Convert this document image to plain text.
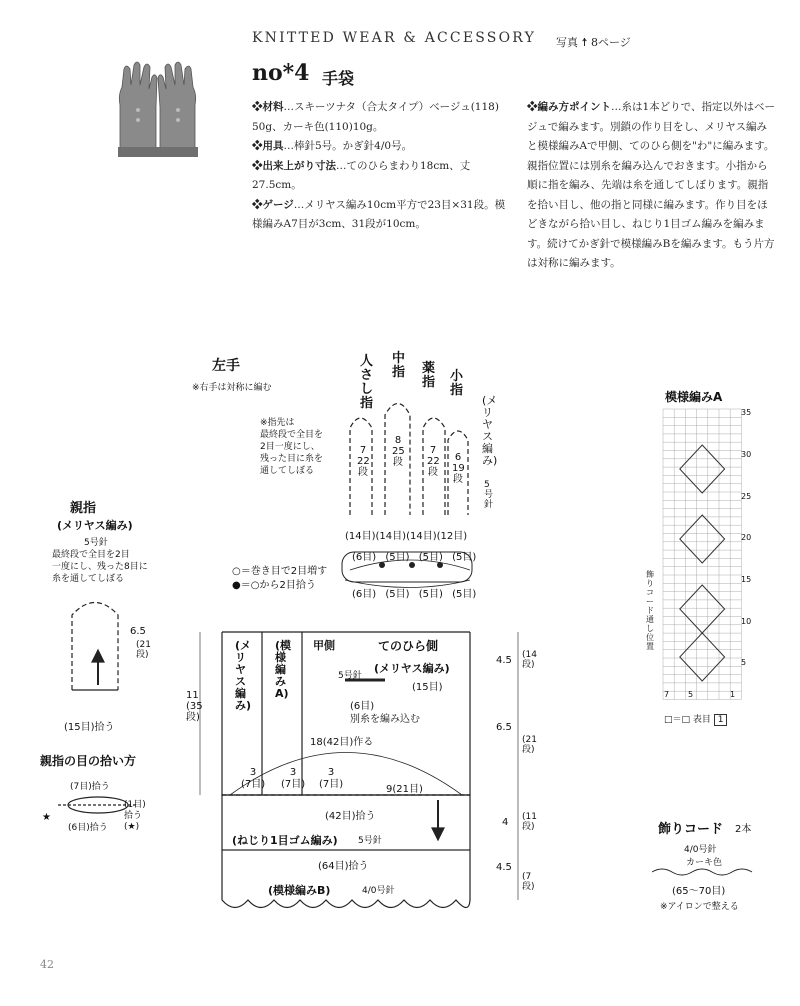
KNITTED WEAR & ACCESSORY 写真 ☨ 8ページ
no*4 手袋
❖材料…スキーツナタ（合太タイプ）ベージュ(118) 50g、カーキ色(110)10g。
❖用具…棒針5号。かぎ針4/0号。
❖出来上がり寸法…てのひらまわり18cm、丈27.5cm。
❖ゲージ…メリヤス編み10cm平方で23目×31段。模様編みA7目が3cm、31段が10cm。
❖編み方ポイント…糸は1本どりで、指定以外はベージュで編みます。別鎖の作り目をし、メリヤス編みと模様編みAで甲側、てのひら側を"わ"に編みます。親指位置には別糸を編み込んでおきます。小指から順に指を編み、先端は糸を通してしぼります。親指を拾い目し、他の指と同様に編みます。作り目をほどきながら拾い目し、ねじり1目ゴム編みを編みます。続けてかぎ針で模様編みBを編みます。もう片方は対称に編みます。
左手
※右手は対称に編む
※指先は
最終段で全目を
2目一度にし、
残った目に糸を
通してしぼる
人さし指
中指 薬指 小指
7
22段
8
25段
7
22段
6
19段
(メリヤス編み)
5号針
(14目)(14目)(14目)(12目)
(6目) (5目) (5目) (5目)
(6目) (5目) (5目) (5目)
○＝巻き目で2目増す
●＝○から2目拾う
(メリヤス編み)
(模様編みA)
甲側	てのひら側
(メリヤス編み)
5号針
(15目)
(6目)
別糸を編み込む
18(42目)作る
3
(7目)
3
(7目)
3
(7目)	9(21目)
(42目)拾う
(ねじり1目ゴム編み) 5号針
(64目)拾う
(模様編みB)	4/0号針
11
(35段)
4.5 (14段)
6.5
(21段)
4 (11段)
4.5
(7段)
親指
(メリヤス編み)
5号針
最終段で全目を2目
一度にし、残った8目に
糸を通してしぼる
6.5
(21段)
(15目)拾う
親指の目の拾い方
(7目)拾う
(6目)拾う
★
(1目)
拾う
(★)
模様編みA
35
30
25
20
15
10
5
7 5	1
飾りコード通し位置
□＝□ 表目 1
飾りコード 2本
4/0号針
カーキ色
(65〜70目)
※アイロンで整える
42
